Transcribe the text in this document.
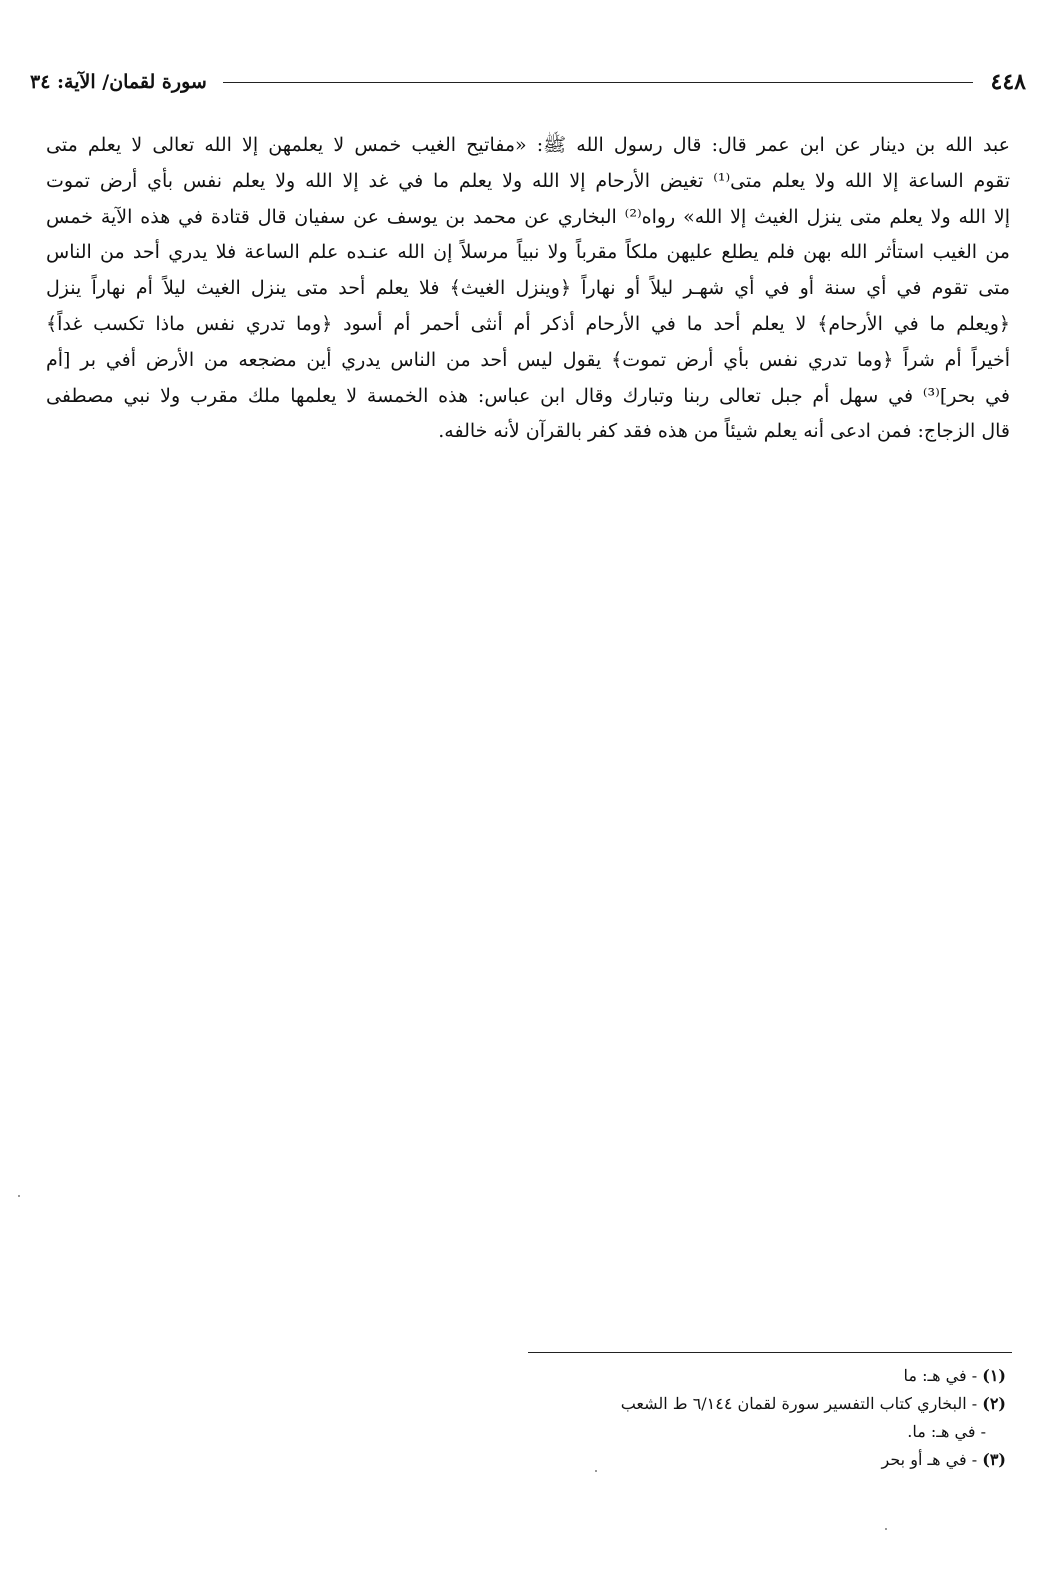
٤٤٨
سورة لقمان/ الآية: ٣٤
عبد الله بن دينار عن ابن عمر قال: قال رسول الله ﷺ: «مفاتيح الغيب خمس لا يعلمهن إلا الله تعالى لا يعلم متى
تقوم الساعة إلا الله ولا يعلم متى⁽¹⁾ تغيض الأرحام إلا الله ولا يعلم ما في غد إلا الله ولا يعلم نفس بأي أرض تموت
إلا الله ولا يعلم متى ينزل الغيث إلا الله» رواه⁽²⁾ البخاري عن محمد بن يوسف عن سفيان قال قتادة في هذه الآية خمس
من الغيب استأثر الله بهن فلم يطلع عليهن ملكاً مقرباً ولا نبياً مرسلاً إن الله عنـده علم الساعة فلا يدري أحد من الناس
متى تقوم في أي سنة أو في أي شهـر ليلاً أو نهاراً ﴿وينزل الغيث﴾ فلا يعلم أحد متى ينزل الغيث ليلاً أم نهاراً ينزل
﴿ويعلم ما في الأرحام﴾ لا يعلم أحد ما في الأرحام أذكر أم أنثى أحمر أم أسود ﴿وما تدري نفس ماذا تكسب غداً﴾
أخيراً أم شراً ﴿وما تدري نفس بأي أرض تموت﴾ يقول ليس أحد من الناس يدري أين مضجعه من الأرض أفي بر [أم
في بحر]⁽³⁾ في سهل أم جبل تعالى ربنا وتبارك وقال ابن عباس: هذه الخمسة لا يعلمها ملك مقرب ولا نبي مصطفى
قال الزجاج: فمن ادعى أنه يعلم شيئاً من هذه فقد كفر بالقرآن لأنه خالفه.
(١) - في هـ: ما
(٢) - البخاري كتاب التفسير سورة لقمان ٦/١٤٤ ط الشعب
- في هـ: ما.
(٣) - في هـ أو بحر
